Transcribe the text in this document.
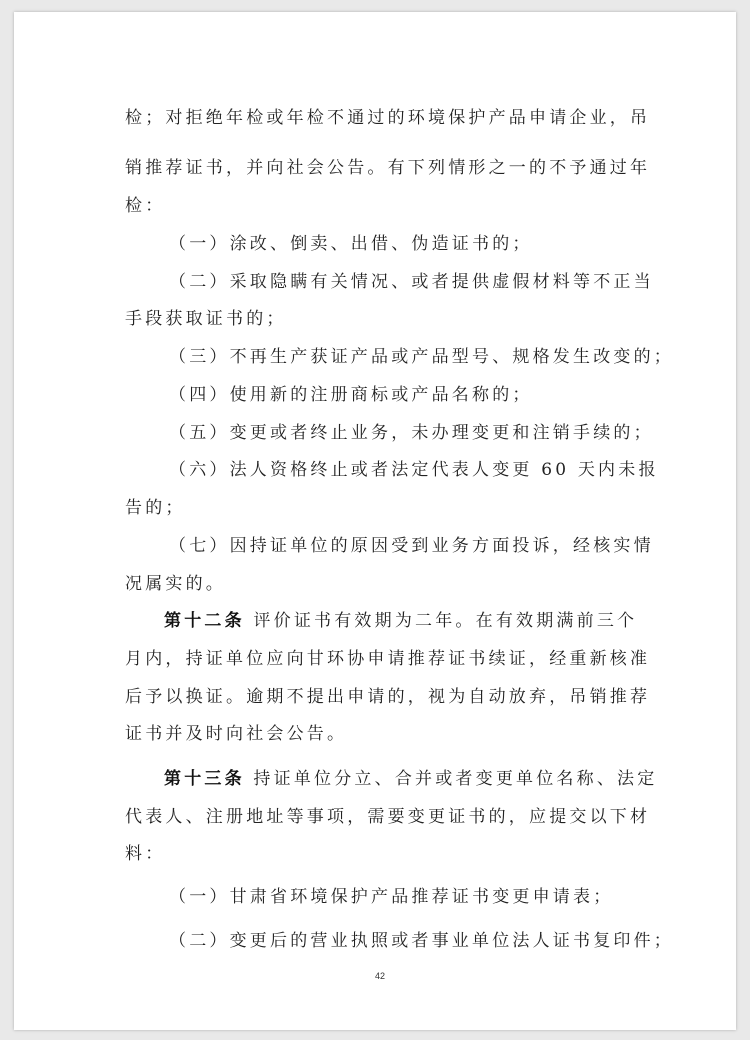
检；对拒绝年检或年检不通过的环境保护产品申请企业，吊
销推荐证书，并向社会公告。有下列情形之一的不予通过年
检：
（一）涂改、倒卖、出借、伪造证书的；
（二）采取隐瞒有关情况、或者提供虚假材料等不正当
手段获取证书的；
（三）不再生产获证产品或产品型号、规格发生改变的；
（四）使用新的注册商标或产品名称的；
（五）变更或者终止业务，未办理变更和注销手续的；
（六）法人资格终止或者法定代表人变更 60 天内未报
告的；
（七）因持证单位的原因受到业务方面投诉，经核实情
况属实的。
第十二条 评价证书有效期为二年。在有效期满前三个
月内，持证单位应向甘环协申请推荐证书续证，经重新核准
后予以换证。逾期不提出申请的，视为自动放弃，吊销推荐
证书并及时向社会公告。
第十三条 持证单位分立、合并或者变更单位名称、法定
代表人、注册地址等事项，需要变更证书的，应提交以下材
料：
（一）甘肃省环境保护产品推荐证书变更申请表；
（二）变更后的营业执照或者事业单位法人证书复印件；
42
